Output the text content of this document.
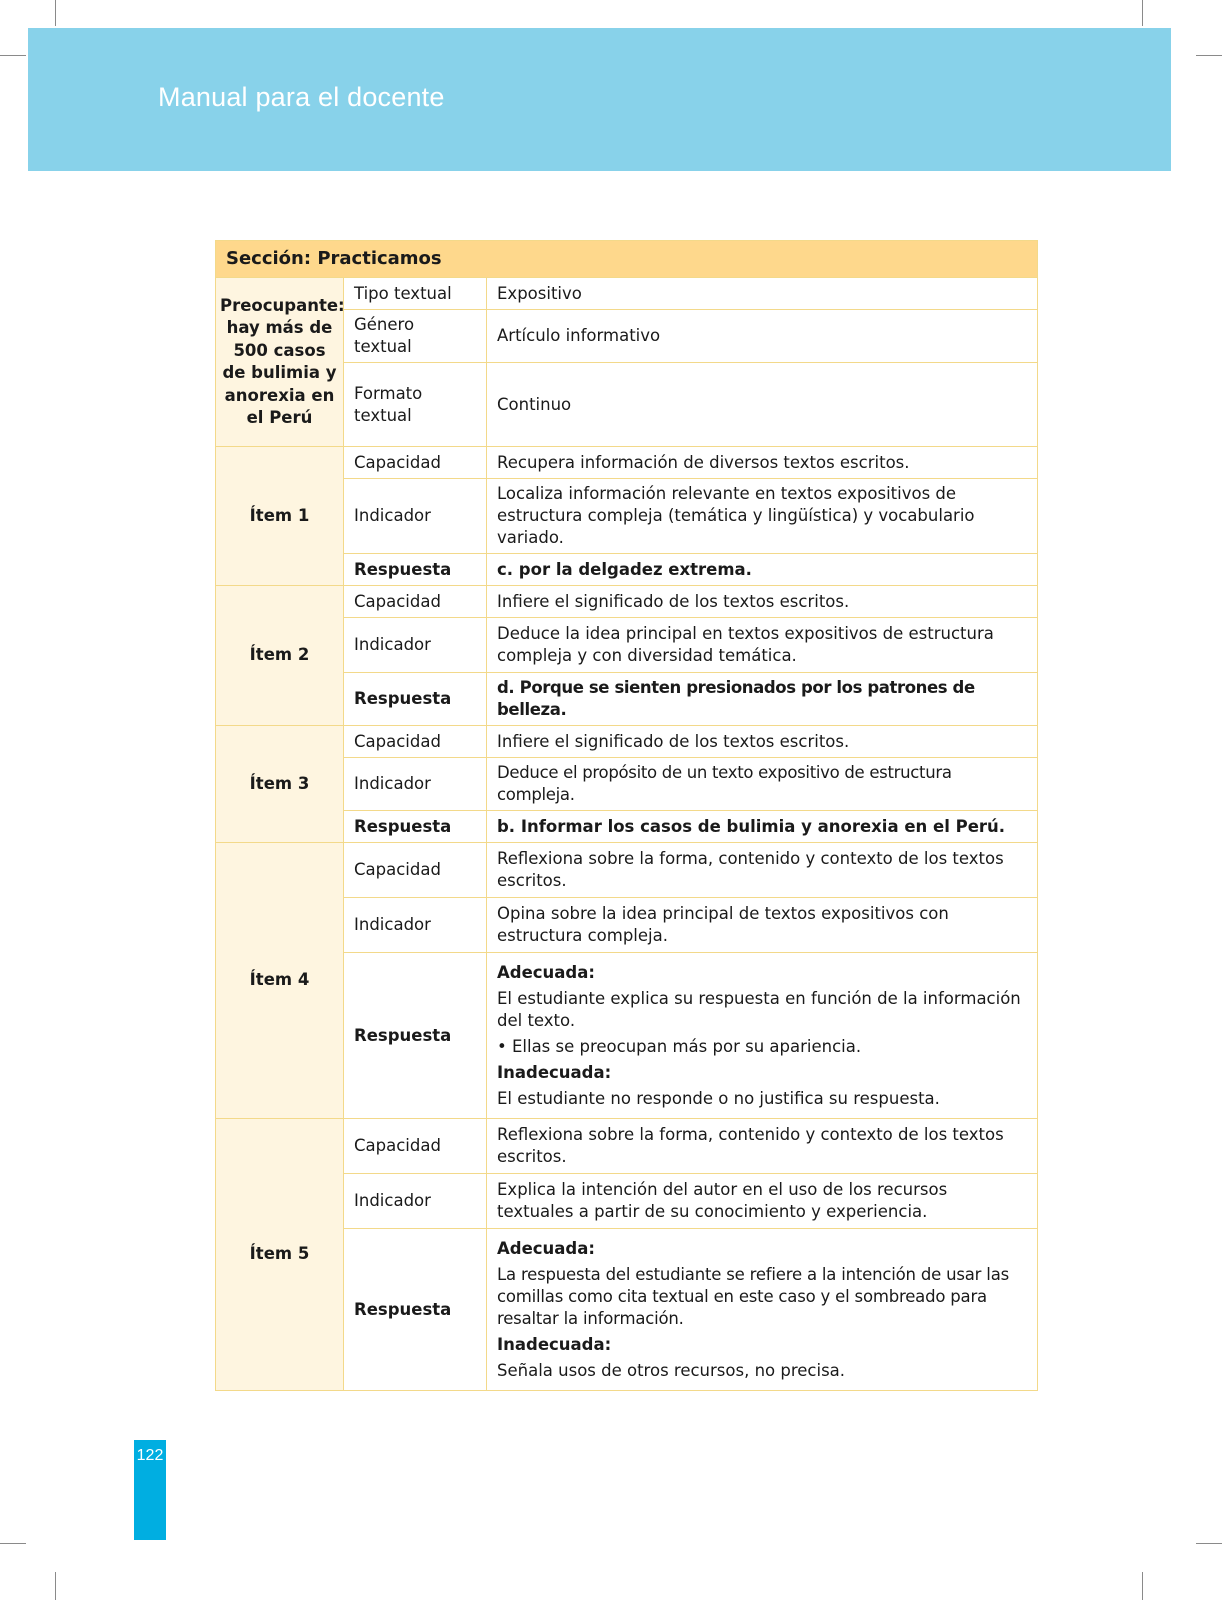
Manual para el docente
Sección: Practicamos		
Preocupante: hay más de 500 casos de bulimia y anorexia en el Perú	Tipo textual	Expositivo
	Género textual	Artículo informativo
	Formato textual	Continuo
Ítem 1	Capacidad	Recupera información de diversos textos escritos.
	Indicador	Localiza información relevante en textos expositivos de estructura compleja (temática y lingüística) y vocabulario variado.
	Respuesta	c. por la delgadez extrema.
Ítem 2	Capacidad	Infiere el significado de los textos escritos.
	Indicador	Deduce la idea principal en textos expositivos de estructura compleja y con diversidad temática.
	Respuesta	d. Porque se sienten presionados por los patrones de belleza.
Ítem 3	Capacidad	Infiere el significado de los textos escritos.
	Indicador	Deduce el propósito de un texto expositivo de estructura compleja.
	Respuesta	b. Informar los casos de bulimia y anorexia en el Perú.
Ítem 4	Capacidad	Reflexiona sobre la forma, contenido y contexto de los textos escritos.
	Indicador	Opina sobre la idea principal de textos expositivos con estructura compleja.
	Respuesta	Adecuada:
El estudiante explica su respuesta en función de la información del texto.
• Ellas se preocupan más por su apariencia.
Inadecuada:
El estudiante no responde o no justifica su respuesta.

Ítem 5	Capacidad	Reflexiona sobre la forma, contenido y contexto de los textos escritos.
	Indicador	Explica la intención del autor en el uso de los recursos textuales a partir de su conocimiento y experiencia.
	Respuesta	Adecuada:
La respuesta del estudiante se refiere a la intención de usar las comillas como cita textual en este caso y el sombreado para resaltar la información.
Inadecuada:
Señala usos de otros recursos, no precisa.
122
